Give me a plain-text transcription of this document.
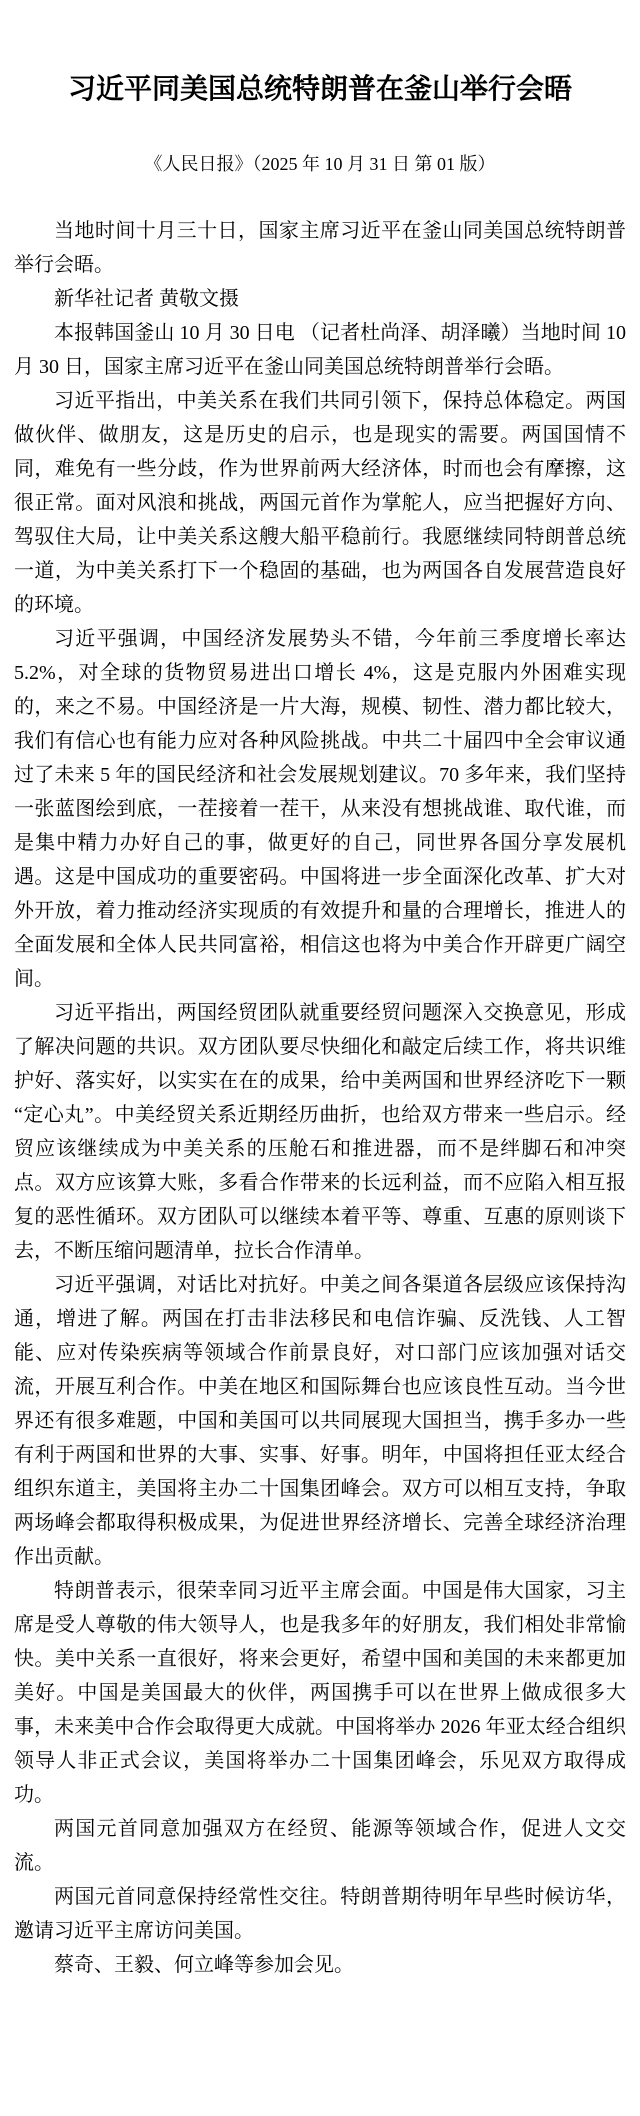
习近平同美国总统特朗普在釜山举行会晤

《人民日报》（2025 年 10 月 31 日 第 01 版）

当地时间十月三十日，国家主席习近平在釜山同美国总统特朗普举行会晤。

新华社记者 黄敬文摄

本报韩国釜山 10 月 30 日电 （记者杜尚泽、胡泽曦）当地时间 10 月 30 日，国家主席习近平在釜山同美国总统特朗普举行会晤。

习近平指出，中美关系在我们共同引领下，保持总体稳定。两国做伙伴、做朋友，这是历史的启示，也是现实的需要。两国国情不同，难免有一些分歧，作为世界前两大经济体，时而也会有摩擦，这很正常。面对风浪和挑战，两国元首作为掌舵人，应当把握好方向、驾驭住大局，让中美关系这艘大船平稳前行。我愿继续同特朗普总统一道，为中美关系打下一个稳固的基础，也为两国各自发展营造良好的环境。

习近平强调，中国经济发展势头不错，今年前三季度增长率达 5.2%，对全球的货物贸易进出口增长 4%，这是克服内外困难实现的，来之不易。中国经济是一片大海，规模、韧性、潜力都比较大，我们有信心也有能力应对各种风险挑战。中共二十届四中全会审议通过了未来 5 年的国民经济和社会发展规划建议。70 多年来，我们坚持一张蓝图绘到底，一茬接着一茬干，从来没有想挑战谁、取代谁，而是集中精力办好自己的事，做更好的自己，同世界各国分享发展机遇。这是中国成功的重要密码。中国将进一步全面深化改革、扩大对外开放，着力推动经济实现质的有效提升和量的合理增长，推进人的全面发展和全体人民共同富裕，相信这也将为中美合作开辟更广阔空间。

习近平指出，两国经贸团队就重要经贸问题深入交换意见，形成了解决问题的共识。双方团队要尽快细化和敲定后续工作，将共识维护好、落实好，以实实在在的成果，给中美两国和世界经济吃下一颗“定心丸”。中美经贸关系近期经历曲折，也给双方带来一些启示。经贸应该继续成为中美关系的压舱石和推进器，而不是绊脚石和冲突点。双方应该算大账，多看合作带来的长远利益，而不应陷入相互报复的恶性循环。双方团队可以继续本着平等、尊重、互惠的原则谈下去，不断压缩问题清单，拉长合作清单。

习近平强调，对话比对抗好。中美之间各渠道各层级应该保持沟通，增进了解。两国在打击非法移民和电信诈骗、反洗钱、人工智能、应对传染疾病等领域合作前景良好，对口部门应该加强对话交流，开展互利合作。中美在地区和国际舞台也应该良性互动。当今世界还有很多难题，中国和美国可以共同展现大国担当，携手多办一些有利于两国和世界的大事、实事、好事。明年，中国将担任亚太经合组织东道主，美国将主办二十国集团峰会。双方可以相互支持，争取两场峰会都取得积极成果，为促进世界经济增长、完善全球经济治理作出贡献。

特朗普表示，很荣幸同习近平主席会面。中国是伟大国家，习主席是受人尊敬的伟大领导人，也是我多年的好朋友，我们相处非常愉快。美中关系一直很好，将来会更好，希望中国和美国的未来都更加美好。中国是美国最大的伙伴，两国携手可以在世界上做成很多大事，未来美中合作会取得更大成就。中国将举办 2026 年亚太经合组织领导人非正式会议，美国将举办二十国集团峰会，乐见双方取得成功。

两国元首同意加强双方在经贸、能源等领域合作，促进人文交流。

两国元首同意保持经常性交往。特朗普期待明年早些时候访华，邀请习近平主席访问美国。

蔡奇、王毅、何立峰等参加会见。
